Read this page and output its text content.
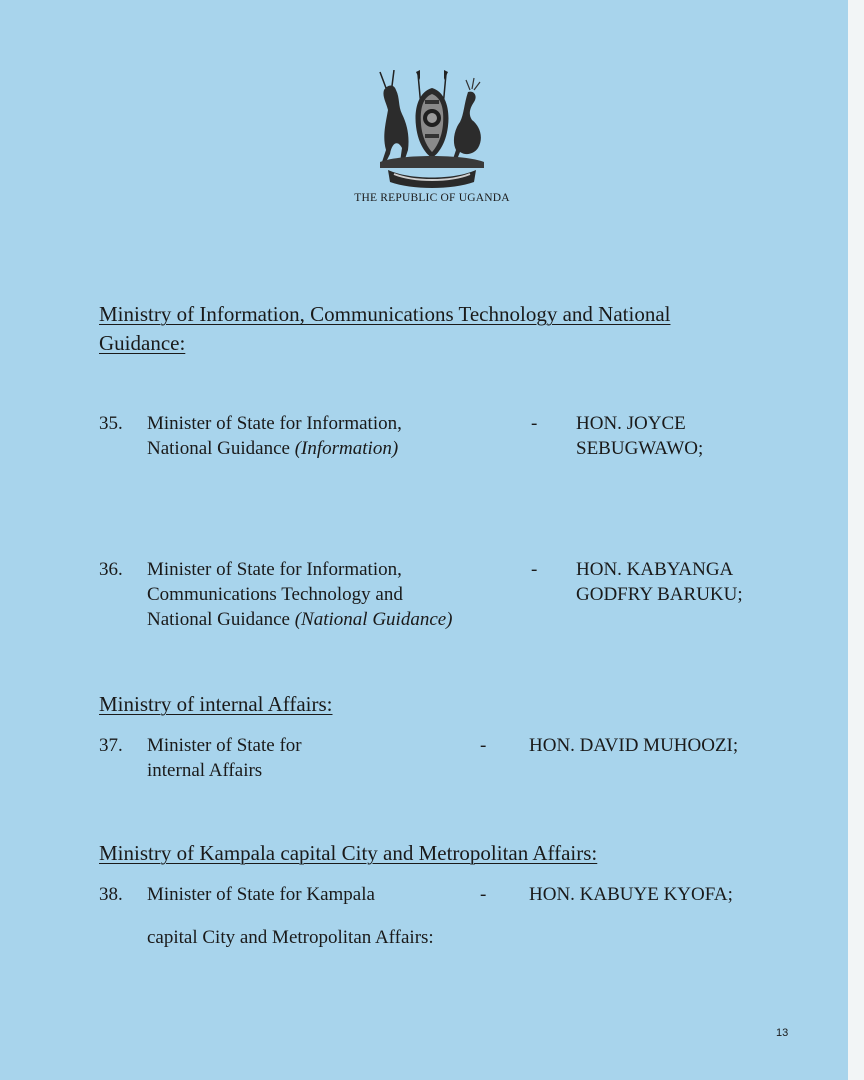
THE REPUBLIC OF UGANDA
Ministry of Information, Communications Technology and National
Guidance:
35. Minister of State for Information,
National Guidance (Information)
- HON. JOYCE
SEBUGWAWO;
36. Minister of State for Information,
Communications Technology and
National Guidance (National Guidance)
- HON. KABYANGA
GODFRY BARUKU;
Ministry of internal Affairs:
37. Minister of State for
internal Affairs
- HON. DAVID MUHOOZI;
Ministry of Kampala capital City and Metropolitan Affairs:
38. Minister of State for Kampala
capital City and Metropolitan Affairs:
- HON. KABUYE KYOFA;
13
